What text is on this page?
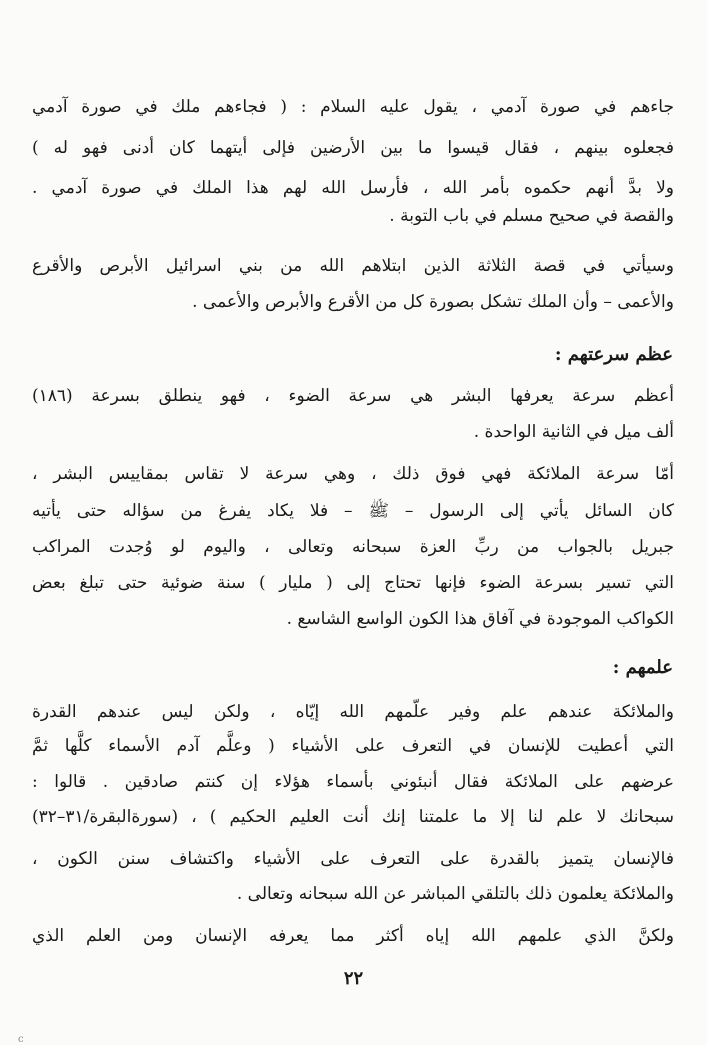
جاءهم في صورة آدمي ، يقول عليه السلام : ( فجاءهم ملك في صورة آدمي
فجعلوه بينهم ، فقال قيسوا ما بين الأرضين فإلى أيتهما كان أدنى فهو له )
ولا بدَّ أنهم حكموه بأمر الله ، فأرسل الله لهم هذا الملك في صورة آدمي .
والقصة في صحيح مسلم في باب التوبة .
وسيأتي في قصة الثلاثة الذين ابتلاهم الله من بني اسرائيل الأبرص والأقرع
والأعمى – وأن الملك تشكل بصورة كل من الأقرع والأبرص والأعمى .
عظم سرعتهم :
أعظم سرعة يعرفها البشر هي سرعة الضوء ، فهو ينطلق بسرعة (١٨٦)
ألف ميل في الثانية الواحدة .
أمّا سرعة الملائكة فهي فوق ذلك ، وهي سرعة لا تقاس بمقاييس البشر ،
كان السائل يأتي إلى الرسول – ﷺ – فلا يكاد يفرغ من سؤاله حتى يأتيه
جبريل بالجواب من ربِّ العزة سبحانه وتعالى ، واليوم لو وُجدت المراكب
التي تسير بسرعة الضوء فإنها تحتاج إلى ( مليار ) سنة ضوئية حتى تبلغ بعض
الكواكب الموجودة في آفاق هذا الكون الواسع الشاسع .
علمهم :
والملائكة عندهم علم وفير علّمهم الله إيّاه ، ولكن ليس عندهم القدرة
التي أعطيت للإنسان في التعرف على الأشياء ( وعلَّم آدم الأسماء كلَّها ثمَّ
عرضهم على الملائكة فقال أنبئوني بأسماء هؤلاء إن كنتم صادقين . قالوا :
سبحانك لا علم لنا إلا ما علمتنا إنك أنت العليم الحكيم ) ، (سورةالبقرة/٣١–٣٢)
فالإنسان يتميز بالقدرة على التعرف على الأشياء واكتشاف سنن الكون ،
والملائكة يعلمون ذلك بالتلقي المباشر عن الله سبحانه وتعالى .
ولكنَّ الذي علمهم الله إياه أكثر مما يعرفه الإنسان ومن العلم الذي
٢٢
c
